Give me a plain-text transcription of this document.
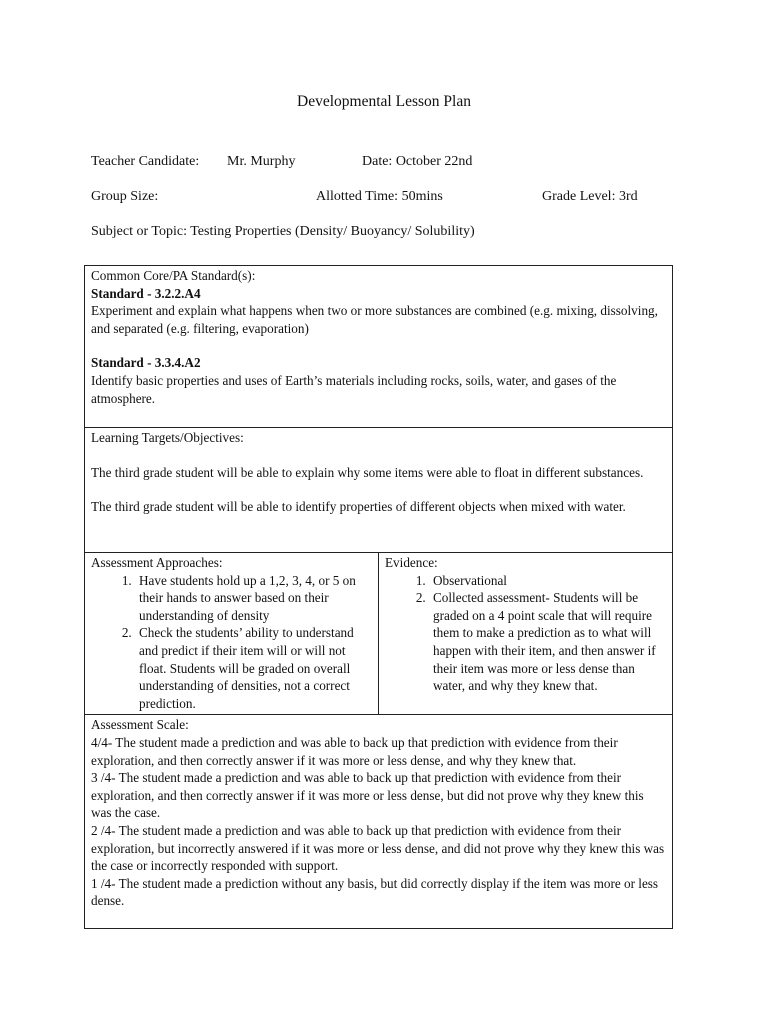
Developmental Lesson Plan
Teacher Candidate: Mr. Murphy	Date: October 22nd
Group Size:	Allotted Time: 50mins	Grade Level: 3rd
Subject or Topic: Testing Properties (Density/ Buoyancy/ Solubility)

Common Core/PA Standard(s):

Standard - 3.2.2.A4

Experiment and explain what happens when two or more substances are combined (e.g. mixing, dissolving, and separated (e.g. filtering, evaporation)

Standard - 3.3.4.A2

Identify basic properties and uses of Earth’s materials including rocks, soils, water, and gases of the atmosphere.

Learning Targets/Objectives:

The third grade student will be able to explain why some items were able to float in different substances.

The third grade student will be able to identify properties of different objects when mixed with water.

Assessment Approaches:

1. Have students hold up a 1,2, 3, 4, or 5 on their hands to answer based on their understanding of density
2. Check the students’ ability to understand and predict if their item will or will not float. Students will be graded on overall understanding of densities, not a correct prediction.

Evidence:

1. Observational
2. Collected assessment- Students will be graded on a 4 point scale that will require them to make a prediction as to what will happen with their item, and then answer if their item was more or less dense than water, and why they knew that.

Assessment Scale:

4/4- The student made a prediction and was able to back up that prediction with evidence from their exploration, and then correctly answer if it was more or less dense, and why they knew that.

3 /4- The student made a prediction and was able to back up that prediction with evidence from their exploration, and then correctly answer if it was more or less dense, but did not prove why they knew this was the case.

2 /4- The student made a prediction and was able to back up that prediction with evidence from their exploration, but incorrectly answered if it was more or less dense, and did not prove why they knew this was the case or incorrectly responded with support.

1 /4- The student made a prediction without any basis, but did correctly display if the item was more or less dense.
